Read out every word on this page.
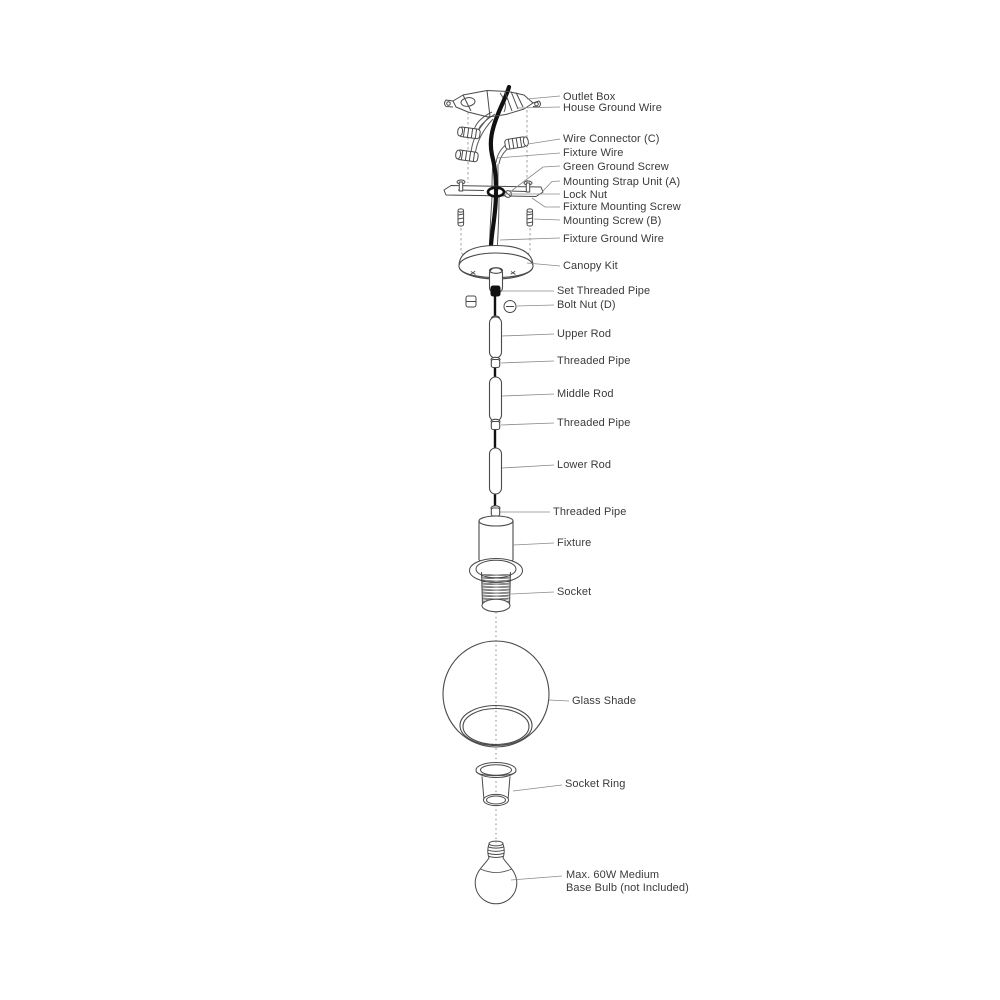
Outlet Box
House Ground Wire
Wire Connector (C)
Fixture Wire
Green Ground Screw
Mounting Strap Unit (A)
Lock Nut
Fixture Mounting Screw
Mounting Screw (B)
Fixture Ground Wire
Canopy Kit
Set Threaded Pipe
Bolt Nut (D)
Upper Rod
Threaded Pipe
Middle Rod
Threaded Pipe
Lower Rod
Threaded Pipe
Fixture
Socket
Glass Shade
Socket Ring
Max. 60W Medium
Base Bulb (not Included)
